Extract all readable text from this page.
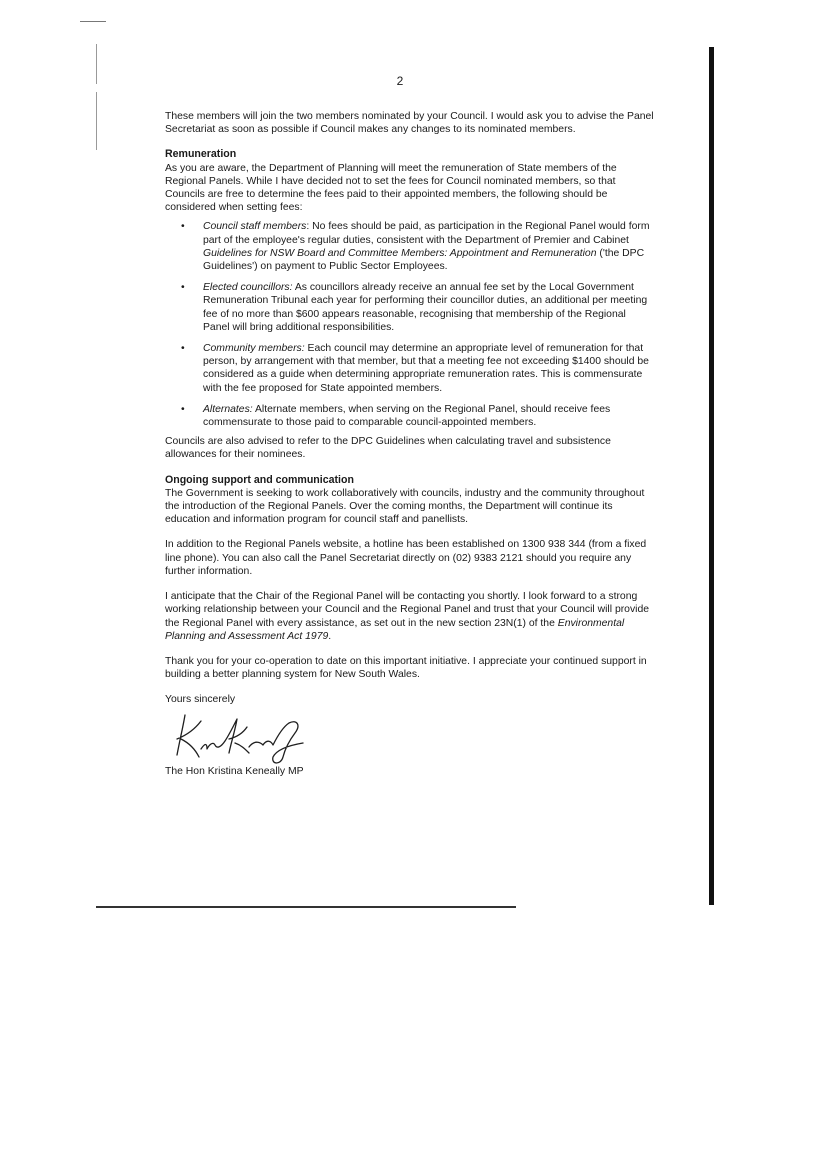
2

These members will join the two members nominated by your Council. I would ask you to advise the Panel Secretariat as soon as possible if Council makes any changes to its nominated members.

Remuneration

As you are aware, the Department of Planning will meet the remuneration of State members of the Regional Panels. While I have decided not to set the fees for Council nominated members, so that Councils are free to determine the fees paid to their appointed members, the following should be considered when setting fees:

• Council staff members: No fees should be paid, as participation in the Regional Panel would form part of the employee's regular duties, consistent with the Department of Premier and Cabinet Guidelines for NSW Board and Committee Members: Appointment and Remuneration ('the DPC Guidelines') on payment to Public Sector Employees.
• Elected councillors: As councillors already receive an annual fee set by the Local Government Remuneration Tribunal each year for performing their councillor duties, an additional per meeting fee of no more than $600 appears reasonable, recognising that membership of the Regional Panel will bring additional responsibilities.
• Community members: Each council may determine an appropriate level of remuneration for that person, by arrangement with that member, but that a meeting fee not exceeding $1400 should be considered as a guide when determining appropriate remuneration rates. This is commensurate with the fee proposed for State appointed members.
• Alternates: Alternate members, when serving on the Regional Panel, should receive fees commensurate to those paid to comparable council-appointed members.

Councils are also advised to refer to the DPC Guidelines when calculating travel and subsistence allowances for their nominees.

Ongoing support and communication

The Government is seeking to work collaboratively with councils, industry and the community throughout the introduction of the Regional Panels. Over the coming months, the Department will continue its education and information program for council staff and panellists.

In addition to the Regional Panels website, a hotline has been established on 1300 938 344 (from a fixed line phone). You can also call the Panel Secretariat directly on (02) 9383 2121 should you require any further information.

I anticipate that the Chair of the Regional Panel will be contacting you shortly. I look forward to a strong working relationship between your Council and the Regional Panel and trust that your Council will provide the Regional Panel with every assistance, as set out in the new section 23N(1) of the Environmental Planning and Assessment Act 1979.

Thank you for your co-operation to date on this important initiative. I appreciate your continued support in building a better planning system for New South Wales.

Yours sincerely

The Hon Kristina Keneally MP
